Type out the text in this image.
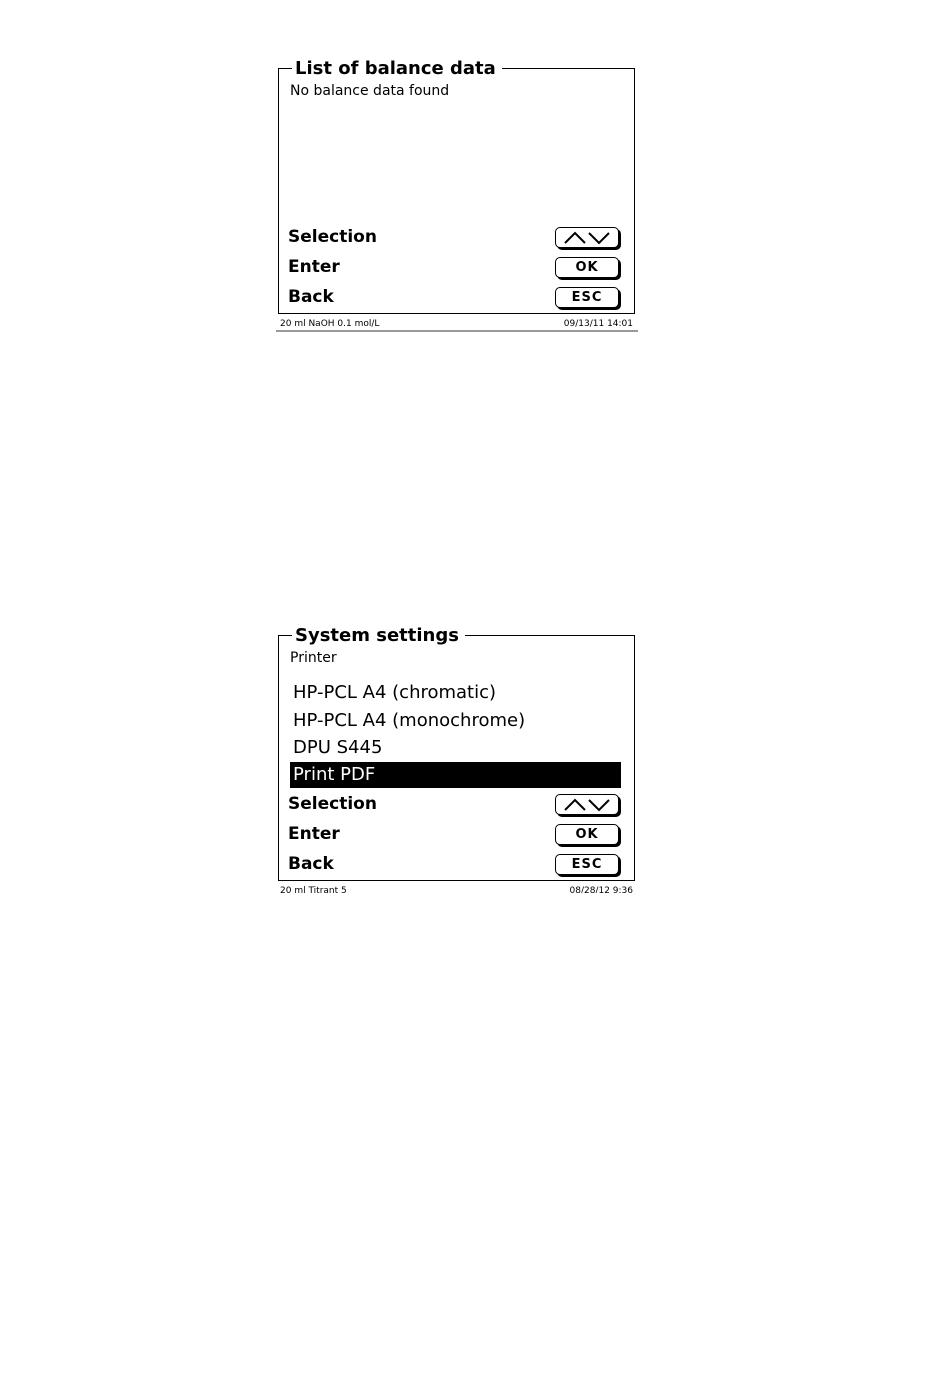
List of balance data
No balance data found
Selection
Enter	OK
Back	ESC
20 ml NaOH 0.1 mol/L	09/13/11 14:01
System settings
Printer
HP-PCL A4 (chromatic)
HP-PCL A4 (monochrome)
DPU S445
Print PDF
Selection
Enter	OK
Back	ESC
20 ml Titrant 5	08/28/12 9:36
